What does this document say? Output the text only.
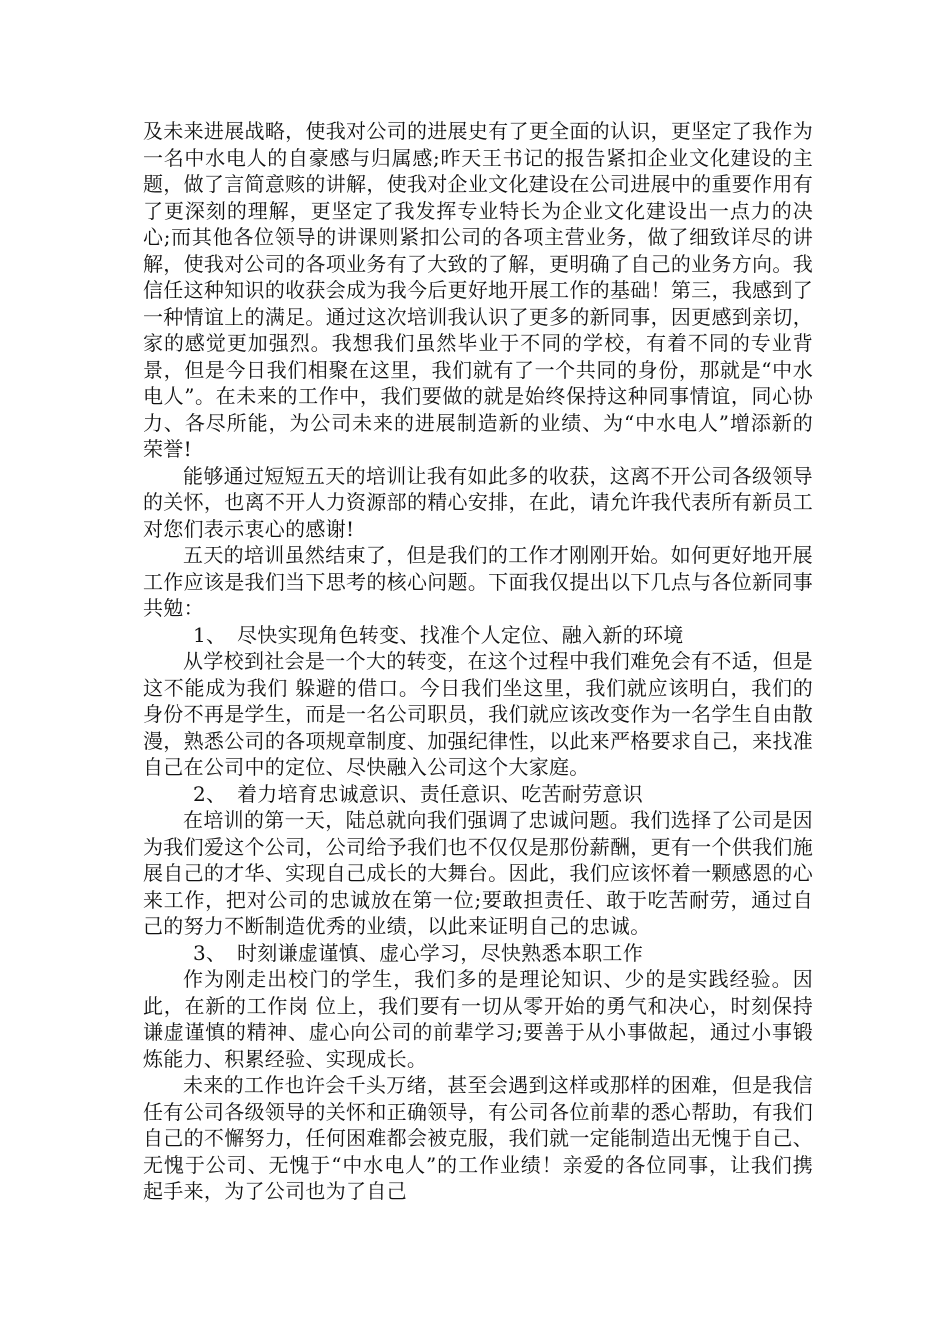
及未来进展战略，使我对公司的进展史有了更全面的认识，更坚定了我作为一名中水电人的自豪感与归属感;昨天王书记的报告紧扣企业文化建设的主题，做了言简意赅的讲解，使我对企业文化建设在公司进展中的重要作用有了更深刻的理解，更坚定了我发挥专业特长为企业文化建设出一点力的决心;而其他各位领导的讲课则紧扣公司的各项主营业务，做了细致详尽的讲解，使我对公司的各项业务有了大致的了解，更明确了自己的业务方向。我信任这种知识的收获会成为我今后更好地开展工作的基础！第三，我感到了一种情谊上的满足。通过这次培训我认识了更多的新同事，因更感到亲切，家的感觉更加强烈。我想我们虽然毕业于不同的学校，有着不同的专业背景，但是今日我们相聚在这里，我们就有了一个共同的身份，那就是“中水电人”。在未来的工作中，我们要做的就是始终保持这种同事情谊，同心协力、各尽所能，为公司未来的进展制造新的业绩、为“中水电人”增添新的荣誉!

能够通过短短五天的培训让我有如此多的收获，这离不开公司各级领导的关怀，也离不开人力资源部的精心安排，在此，请允许我代表所有新员工对您们表示衷心的感谢!

五天的培训虽然结束了，但是我们的工作才刚刚开始。如何更好地开展工作应该是我们当下思考的核心问题。下面我仅提出以下几点与各位新同事共勉：

1、 尽快实现角色转变、找准个人定位、融入新的环境

从学校到社会是一个大的转变，在这个过程中我们难免会有不适，但是这不能成为我们 躲避的借口。今日我们坐这里，我们就应该明白，我们的身份不再是学生，而是一名公司职员，我们就应该改变作为一名学生自由散漫，熟悉公司的各项规章制度、加强纪律性，以此来严格要求自己，来找准自己在公司中的定位、尽快融入公司这个大家庭。

2、 着力培育忠诚意识、责任意识、吃苦耐劳意识

在培训的第一天，陆总就向我们强调了忠诚问题。我们选择了公司是因为我们爱这个公司，公司给予我们也不仅仅是那份薪酬，更有一个供我们施展自己的才华、实现自己成长的大舞台。因此，我们应该怀着一颗感恩的心来工作，把对公司的忠诚放在第一位;要敢担责任、敢于吃苦耐劳，通过自己的努力不断制造优秀的业绩，以此来证明自己的忠诚。

3、 时刻谦虚谨慎、虚心学习，尽快熟悉本职工作

作为刚走出校门的学生，我们多的是理论知识、少的是实践经验。因此，在新的工作岗 位上，我们要有一切从零开始的勇气和决心，时刻保持谦虚谨慎的精神、虚心向公司的前辈学习;要善于从小事做起，通过小事锻炼能力、积累经验、实现成长。

未来的工作也许会千头万绪，甚至会遇到这样或那样的困难，但是我信任有公司各级领导的关怀和正确领导，有公司各位前辈的悉心帮助，有我们自己的不懈努力，任何困难都会被克服，我们就一定能制造出无愧于自己、无愧于公司、无愧于“中水电人”的工作业绩！亲爱的各位同事，让我们携起手来，为了公司也为了自己
